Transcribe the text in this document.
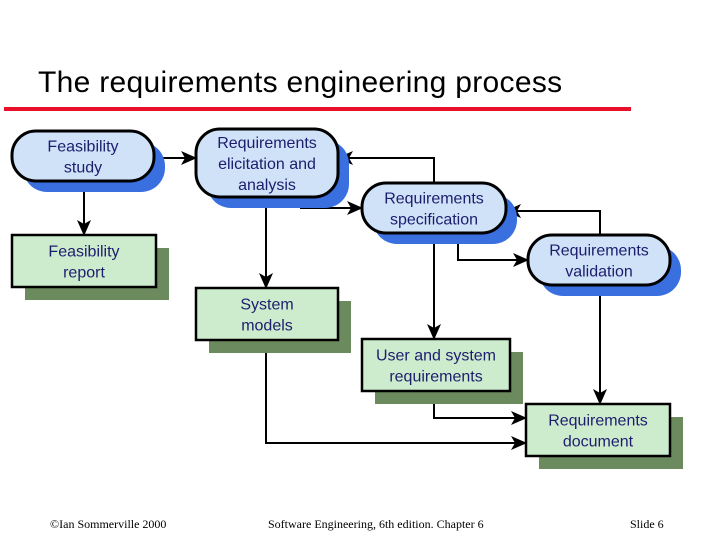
The requirements engineering process
Feasibility
study
Requirements
elicitation and
analysis
Requirements
specification
Requirements
validation
Feasibility
report
System
models
User and system
requirements
Requirements
document
©Ian Sommerville 2000	Software Engineering, 6th edition. Chapter 6	Slide 6
